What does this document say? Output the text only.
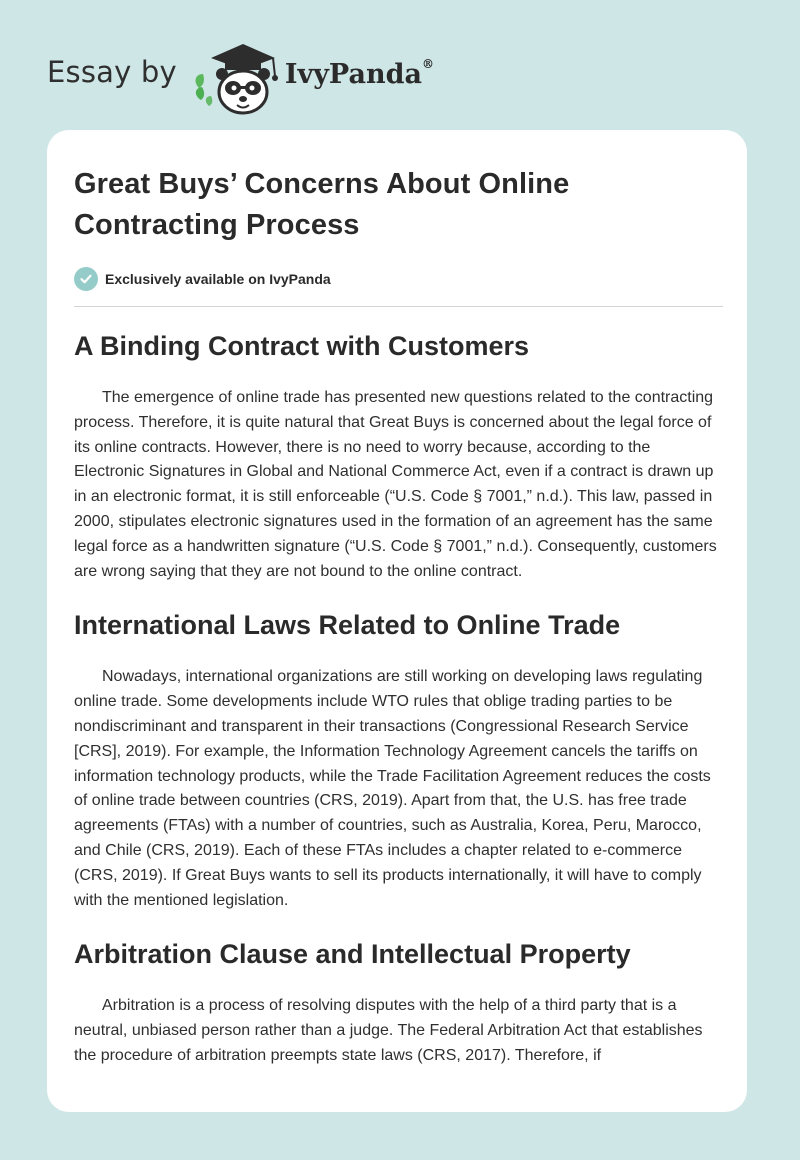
Essay by	IvyPanda®
Great Buys’ Concerns About Online Contracting Process
Exclusively available on IvyPanda
A Binding Contract with Customers

The emergence of online trade has presented new questions related to the contracting process. Therefore, it is quite natural that Great Buys is concerned about the legal force of its online contracts. However, there is no need to worry because, according to the Electronic Signatures in Global and National Commerce Act, even if a contract is drawn up in an electronic format, it is still enforceable (“U.S. Code § 7001,” n.d.). This law, passed in 2000, stipulates electronic signatures used in the formation of an agreement has the same legal force as a handwritten signature (“U.S. Code § 7001,” n.d.). Consequently, customers are wrong saying that they are not bound to the online contract.

International Laws Related to Online Trade

Nowadays, international organizations are still working on developing laws regulating online trade. Some developments include WTO rules that oblige trading parties to be nondiscriminant and transparent in their transactions (Congressional Research Service [CRS], 2019). For example, the Information Technology Agreement cancels the tariffs on information technology products, while the Trade Facilitation Agreement reduces the costs of online trade between countries (CRS, 2019). Apart from that, the U.S. has free trade agreements (FTAs) with a number of countries, such as Australia, Korea, Peru, Marocco, and Chile (CRS, 2019). Each of these FTAs includes a chapter related to e-commerce (CRS, 2019). If Great Buys wants to sell its products internationally, it will have to comply with the mentioned legislation.

Arbitration Clause and Intellectual Property

Arbitration is a process of resolving disputes with the help of a third party that is a neutral, unbiased person rather than a judge. The Federal Arbitration Act that establishes the procedure of arbitration preempts state laws (CRS, 2017). Therefore, if
